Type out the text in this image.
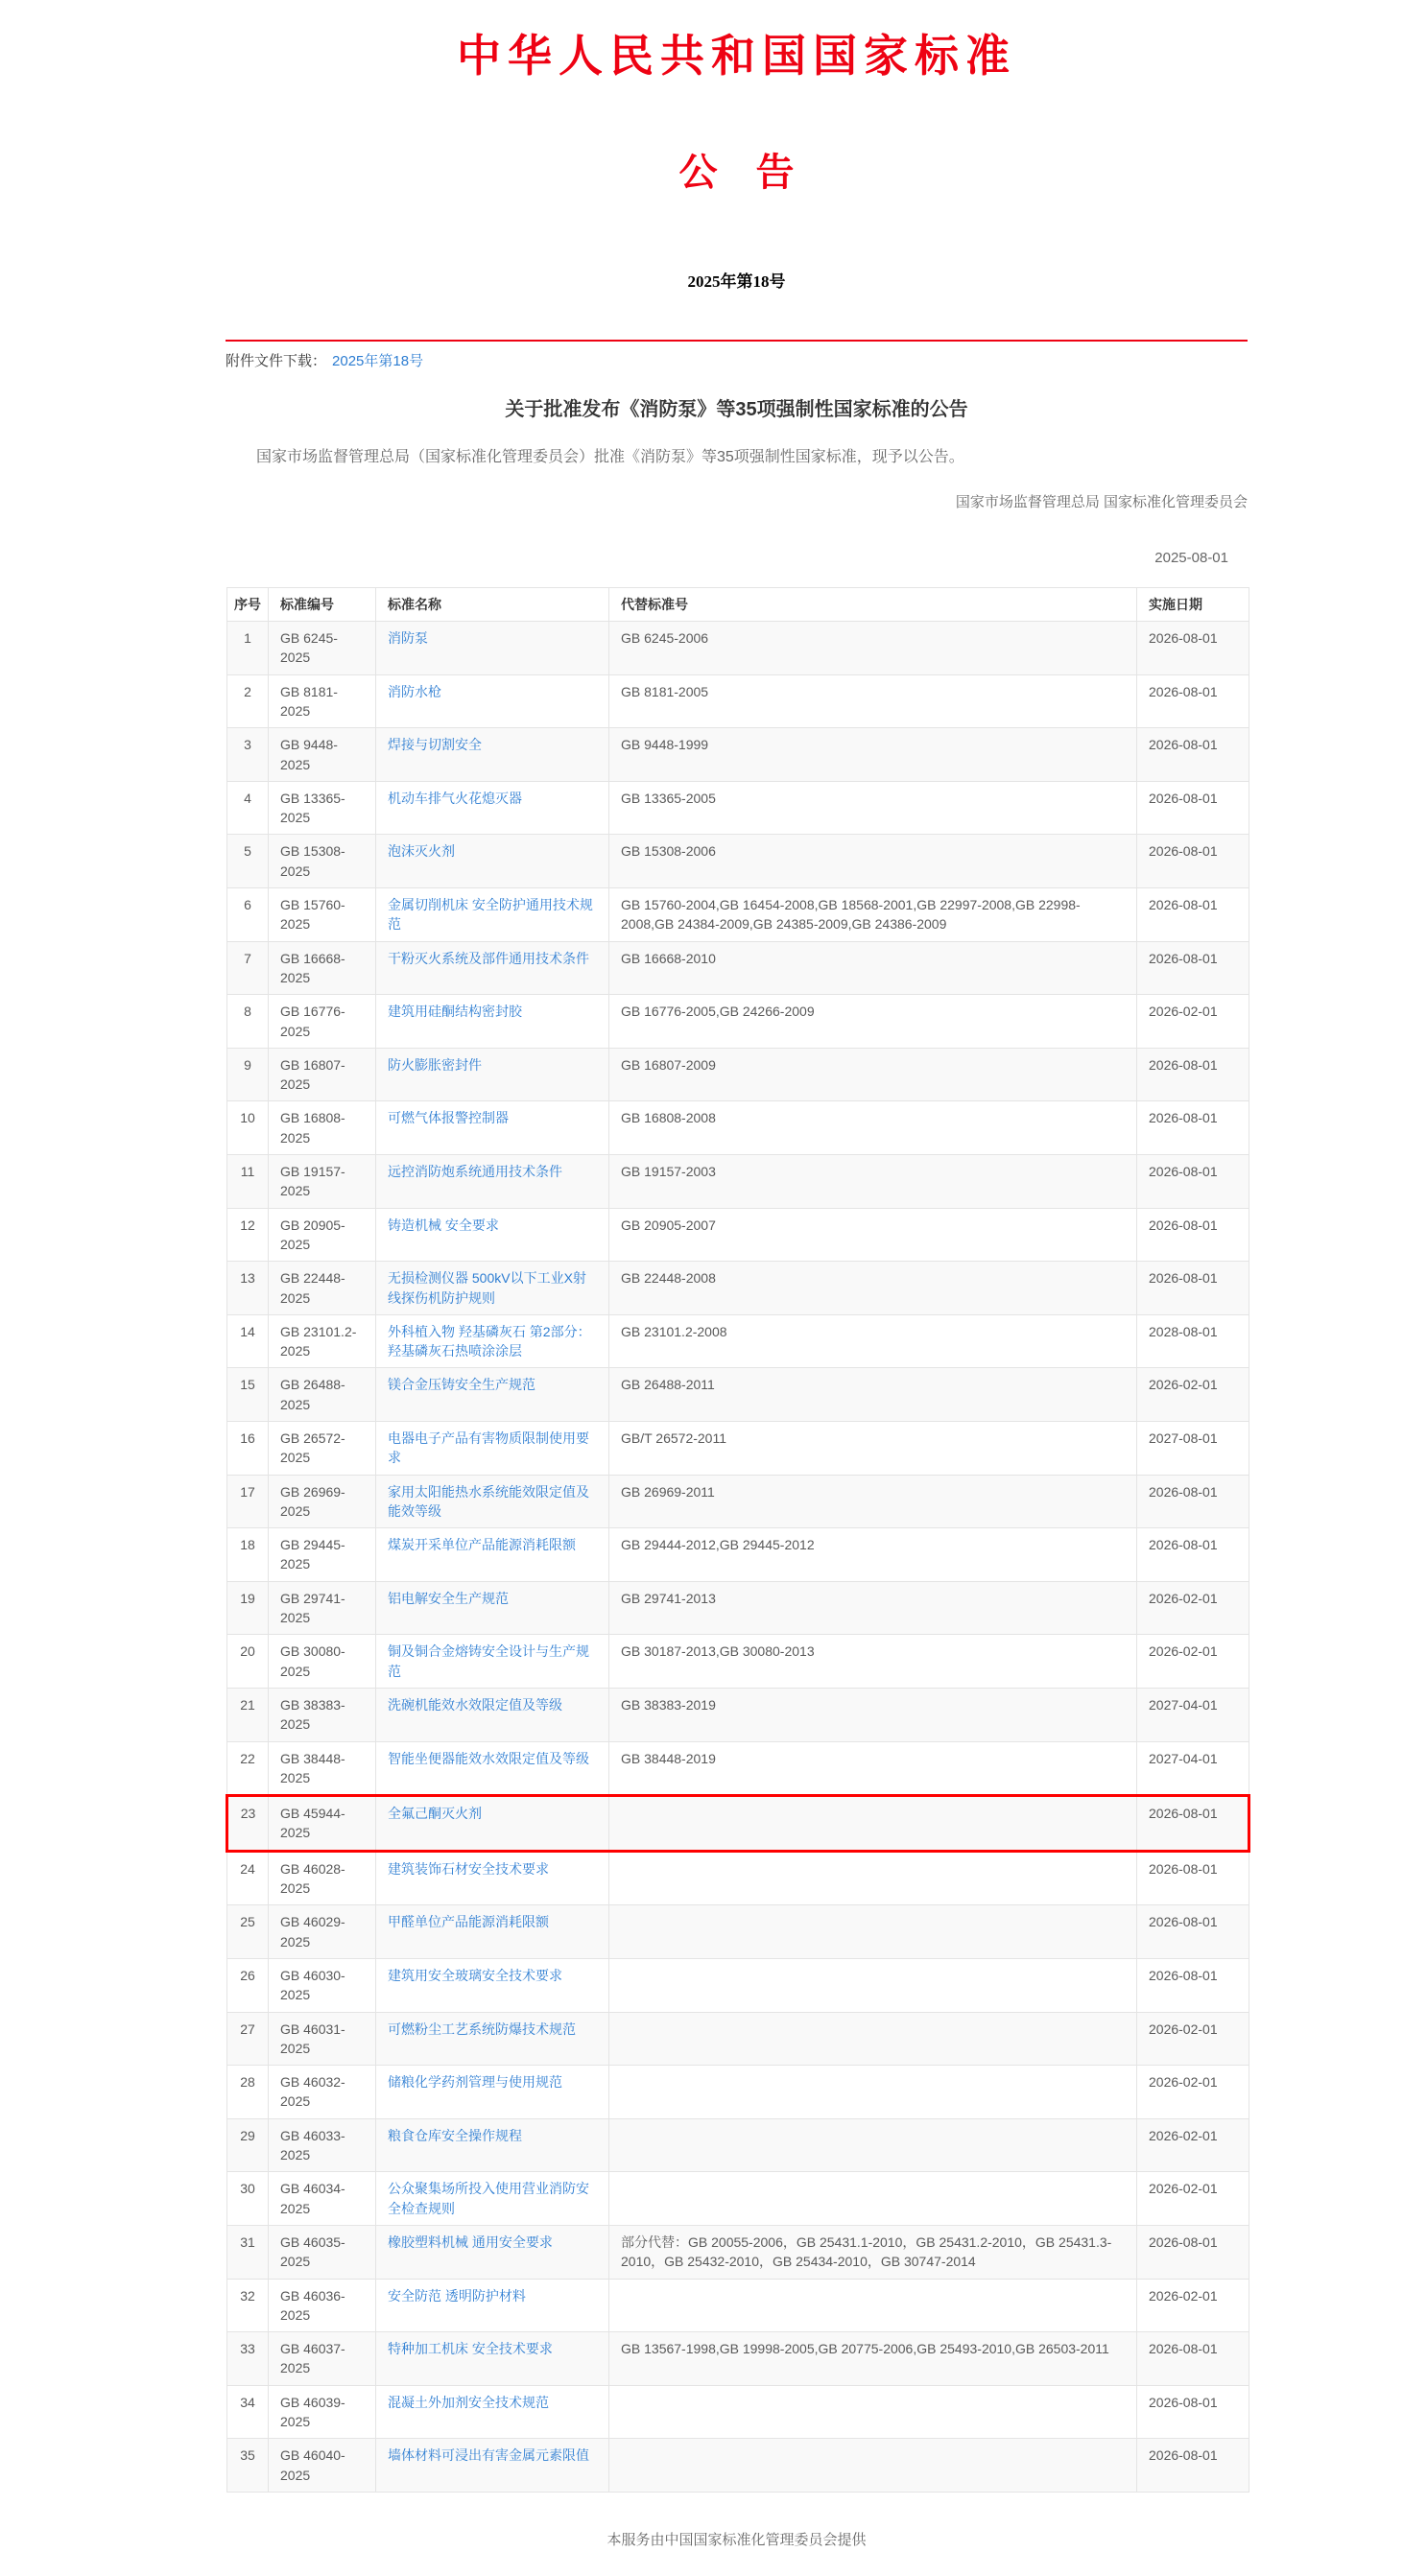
中华人民共和国国家标准
公　告
2025年第18号
附件文件下载： 2025年第18号
关于批准发布《消防泵》等35项强制性国家标准的公告

国家市场监督管理总局（国家标准化管理委员会）批准《消防泵》等35项强制性国家标准，现予以公告。

国家市场监督管理总局 国家标准化管理委员会

2025-08-01

序号	标准编号	标准名称	代替标准号	实施日期
1	GB 6245-2025	消防泵	GB 6245-2006	2026-08-01
2	GB 8181-2025	消防水枪	GB 8181-2005	2026-08-01
3	GB 9448-2025	焊接与切割安全	GB 9448-1999	2026-08-01
4	GB 13365-2025	机动车排气火花熄灭器	GB 13365-2005	2026-08-01
5	GB 15308-2025	泡沫灭火剂	GB 15308-2006	2026-08-01
6	GB 15760-2025	金属切削机床 安全防护通用技术规范	GB 15760-2004,GB 16454-2008,GB 18568-2001,GB 22997-2008,GB 22998-2008,GB 24384-2009,GB 24385-2009,GB 24386-2009	2026-08-01
7	GB 16668-2025	干粉灭火系统及部件通用技术条件	GB 16668-2010	2026-08-01
8	GB 16776-2025	建筑用硅酮结构密封胶	GB 16776-2005,GB 24266-2009	2026-02-01
9	GB 16807-2025	防火膨胀密封件	GB 16807-2009	2026-08-01
10	GB 16808-2025	可燃气体报警控制器	GB 16808-2008	2026-08-01
11	GB 19157-2025	远控消防炮系统通用技术条件	GB 19157-2003	2026-08-01
12	GB 20905-2025	铸造机械 安全要求	GB 20905-2007	2026-08-01
13	GB 22448-2025	无损检测仪器 500kV以下工业X射线探伤机防护规则	GB 22448-2008	2026-08-01
14	GB 23101.2-2025	外科植入物 羟基磷灰石 第2部分：羟基磷灰石热喷涂涂层	GB 23101.2-2008	2028-08-01
15	GB 26488-2025	镁合金压铸安全生产规范	GB 26488-2011	2026-02-01
16	GB 26572-2025	电器电子产品有害物质限制使用要求	GB/T 26572-2011	2027-08-01
17	GB 26969-2025	家用太阳能热水系统能效限定值及能效等级	GB 26969-2011	2026-08-01
18	GB 29445-2025	煤炭开采单位产品能源消耗限额	GB 29444-2012,GB 29445-2012	2026-08-01
19	GB 29741-2025	铝电解安全生产规范	GB 29741-2013	2026-02-01
20	GB 30080-2025	铜及铜合金熔铸安全设计与生产规范	GB 30187-2013,GB 30080-2013	2026-02-01
21	GB 38383-2025	洗碗机能效水效限定值及等级	GB 38383-2019	2027-04-01
22	GB 38448-2025	智能坐便器能效水效限定值及等级	GB 38448-2019	2027-04-01
23	GB 45944-2025	全氟己酮灭火剂		2026-08-01
24	GB 46028-2025	建筑装饰石材安全技术要求		2026-08-01
25	GB 46029-2025	甲醛单位产品能源消耗限额		2026-08-01
26	GB 46030-2025	建筑用安全玻璃安全技术要求		2026-08-01
27	GB 46031-2025	可燃粉尘工艺系统防爆技术规范		2026-02-01
28	GB 46032-2025	储粮化学药剂管理与使用规范		2026-02-01
29	GB 46033-2025	粮食仓库安全操作规程		2026-02-01
30	GB 46034-2025	公众聚集场所投入使用营业消防安全检查规则		2026-02-01
31	GB 46035-2025	橡胶塑料机械 通用安全要求	部分代替：GB 20055-2006，GB 25431.1-2010，GB 25431.2-2010，GB 25431.3-2010，GB 25432-2010，GB 25434-2010，GB 30747-2014	2026-08-01
32	GB 46036-2025	安全防范 透明防护材料		2026-02-01
33	GB 46037-2025	特种加工机床 安全技术要求	GB 13567-1998,GB 19998-2005,GB 20775-2006,GB 25493-2010,GB 26503-2011	2026-08-01
34	GB 46039-2025	混凝土外加剂安全技术规范		2026-08-01
35	GB 46040-2025	墙体材料可浸出有害金属元素限值		2026-08-01
本服务由中国国家标准化管理委员会提供
